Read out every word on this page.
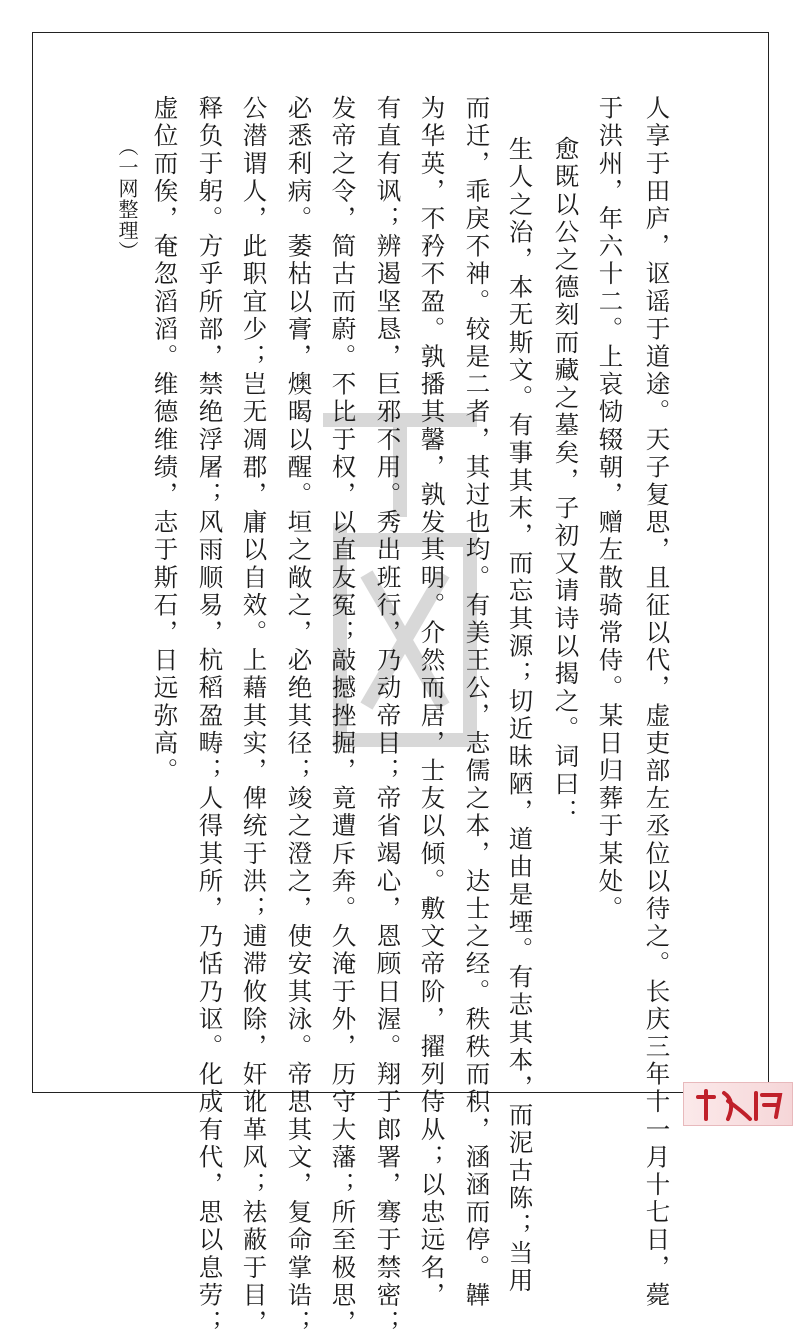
人享于田庐，讴谣于道途。天子复思，且征以代，虚吏部左丞位以待之。长庆三年十一月十七日，薨
于洪州，年六十二。上哀恸辍朝，赠左散骑常侍。某日归葬于某处。
愈既以公之德刻而藏之墓矣，子初又请诗以揭之。词曰：
生人之治，本无斯文。有事其末，而忘其源；切近昧陋，道由是堙。有志其本，而泥古陈；当用
而迁，乖戾不神。较是二者，其过也均。有美王公，志儒之本，达士之经。秩秩而积，涵涵而停。韡
为华英，不矜不盈。孰播其馨，孰发其明。介然而居，士友以倾。敷文帝阶，擢列侍从；以忠远名，
有直有讽；辨遏坚恳，巨邪不用。秀出班行，乃动帝目；帝省竭心，恩顾日渥。翔于郎署，骞于禁密；
发帝之令，简古而蔚。不比于权，以直友冤；敲撼挫掘，竟遭斥奔。久淹于外，历守大藩；所至极思，
必悉利病。萎枯以膏，燠暍以醒。垣之敞之，必绝其径；竣之澄之，使安其泳。帝思其文，复命掌诰；
公潜谓人，此职宜少；岂无凋郡，庸以自效。上藉其实，俾统于洪；逋滞攸除，奸讹革风；祛蔽于目，
释负于躬。方乎所部，禁绝浮屠；风雨顺易，杭稻盈畴；人得其所，乃恬乃讴。化成有代，思以息劳；
虚位而俟，奄忽滔滔。维德维绩，志于斯石，日远弥高。
（一网整理）
